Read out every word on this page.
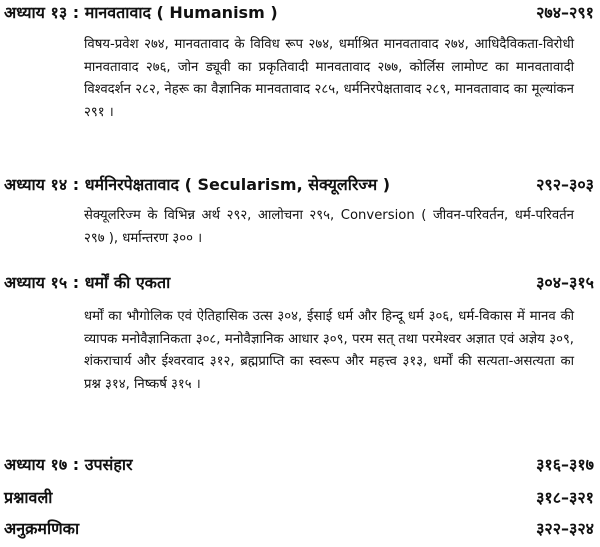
अध्याय १३ : मानवतावाद ( Humanism )	२७४–२९१
विषय-प्रवेश २७४, मानवतावाद के विविध रूप २७४, धर्माश्रित मानवतावाद २७४, आधिदैविकता-विरोधी मानवतावाद २७६, जोन ड्यूवी का प्रकृतिवादी मानवतावाद २७७, कोर्लिस लामोण्ट का मानवतावादी विश्वदर्शन २८२, नेहरू का वैज्ञानिक मानवतावाद २८५, धर्मनिरपेक्षतावाद २८९, मानवतावाद का मूल्यांकन २९१ ।
अध्याय १४ : धर्मनिरपेक्षतावाद ( Secularism, सेक्यूलरिज्म )	२९२–३०३
सेक्यूलरिज्म के विभिन्न अर्थ २९२, आलोचना २९५, Conversion ( जीवन-परिवर्तन, धर्म-परिवर्तन २९७ ), धर्मान्तरण ३०० ।
अध्याय १५ : धर्मों की एकता	३०४–३१५
धर्मों का भौगोलिक एवं ऐतिहासिक उत्स ३०४, ईसाई धर्म और हिन्दू धर्म ३०६, धर्म-विकास में मानव की व्यापक मनोवैज्ञानिकता ३०८, मनोवैज्ञानिक आधार ३०९, परम सत् तथा परमेश्वर अज्ञात एवं अज्ञेय ३०९, शंकराचार्य और ईश्वरवाद ३१२, ब्रह्मप्राप्ति का स्वरूप और महत्त्व ३१३, धर्मों की सत्यता-असत्यता का प्रश्न ३१४, निष्कर्ष ३१५ ।
अध्याय १७ : उपसंहार	३१६–३१७
प्रश्नावली	३१८–३२१
अनुक्रमणिका	३२२–३२४
